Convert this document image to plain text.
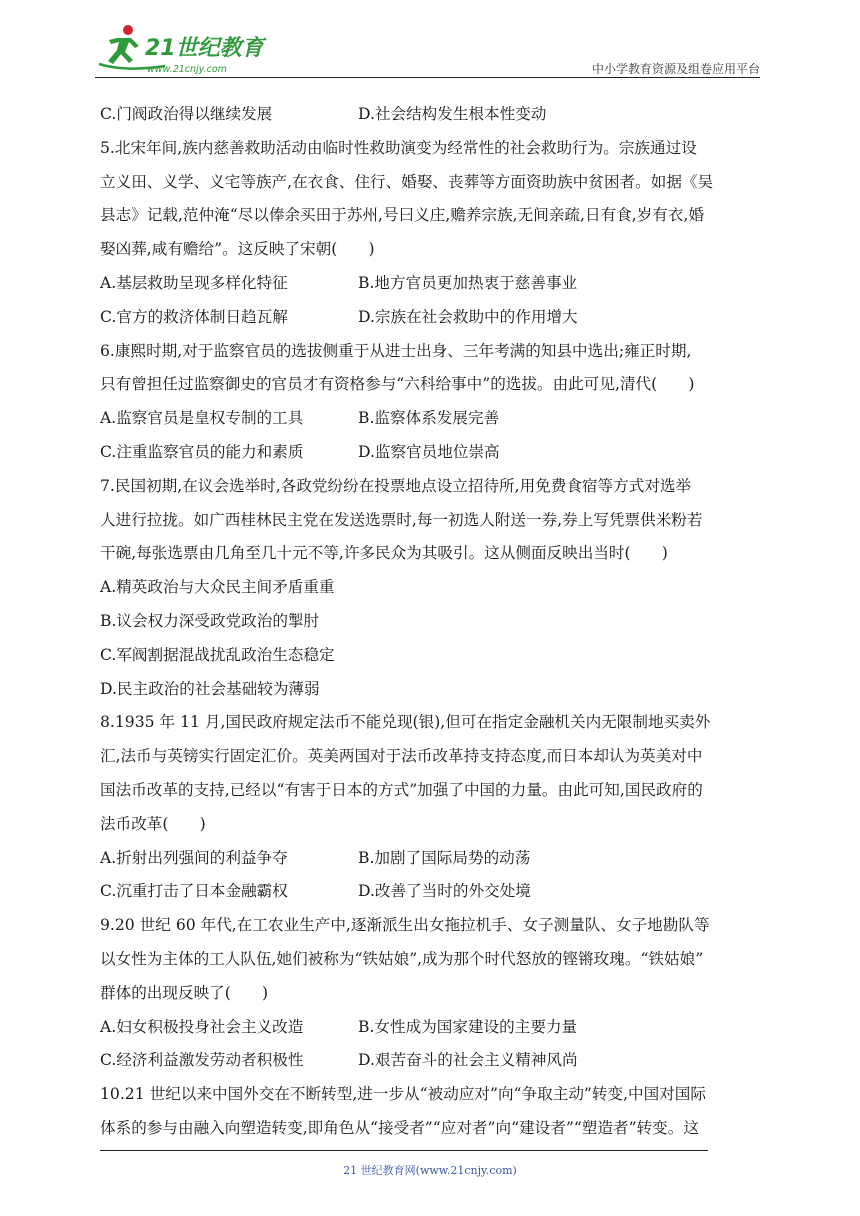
21世纪教育
www.21cnjy.com	中小学教育资源及组卷应用平台
C.门阀政治得以继续发展	D.社会结构发生根本性变动
5.北宋年间,族内慈善救助活动由临时性救助演变为经常性的社会救助行为。宗族通过设
立义田、义学、义宅等族产,在衣食、住行、婚娶、丧葬等方面资助族中贫困者。如据《吴
县志》记载,范仲淹“尽以俸余买田于苏州,号曰义庄,赡养宗族,无间亲疏,日有食,岁有衣,婚
娶凶葬,咸有赡给”。这反映了宋朝(　　)
A.基层救助呈现多样化特征	B.地方官员更加热衷于慈善事业
C.官方的救济体制日趋瓦解	D.宗族在社会救助中的作用增大
6.康熙时期,对于监察官员的选拔侧重于从进士出身、三年考满的知县中选出;雍正时期,
只有曾担任过监察御史的官员才有资格参与“六科给事中”的选拔。由此可见,清代(　　)
A.监察官员是皇权专制的工具	B.监察体系发展完善
C.注重监察官员的能力和素质	D.监察官员地位崇高
7.民国初期,在议会选举时,各政党纷纷在投票地点设立招待所,用免费食宿等方式对选举
人进行拉拢。如广西桂林民主党在发送选票时,每一初选人附送一券,券上写凭票供米粉若
干碗,每张选票由几角至几十元不等,许多民众为其吸引。这从侧面反映出当时(　　)
A.精英政治与大众民主间矛盾重重
B.议会权力深受政党政治的掣肘
C.军阀割据混战扰乱政治生态稳定
D.民主政治的社会基础较为薄弱
8.1935 年 11 月,国民政府规定法币不能兑现(银),但可在指定金融机关内无限制地买卖外
汇,法币与英镑实行固定汇价。英美两国对于法币改革持支持态度,而日本却认为英美对中
国法币改革的支持,已经以“有害于日本的方式”加强了中国的力量。由此可知,国民政府的
法币改革(　　)
A.折射出列强间的利益争夺	B.加剧了国际局势的动荡
C.沉重打击了日本金融霸权	D.改善了当时的外交处境
9.20 世纪 60 年代,在工农业生产中,逐渐派生出女拖拉机手、女子测量队、女子地勘队等
以女性为主体的工人队伍,她们被称为“铁姑娘”,成为那个时代怒放的铿锵玫瑰。“铁姑娘”
群体的出现反映了(　　)
A.妇女积极投身社会主义改造	B.女性成为国家建设的主要力量
C.经济利益激发劳动者积极性	D.艰苦奋斗的社会主义精神风尚
10.21 世纪以来中国外交在不断转型,进一步从“被动应对”向“争取主动”转变,中国对国际
体系的参与由融入向塑造转变,即角色从“接受者”“应对者”向“建设者”“塑造者”转变。这
21 世纪教育网(www.21cnjy.com)
